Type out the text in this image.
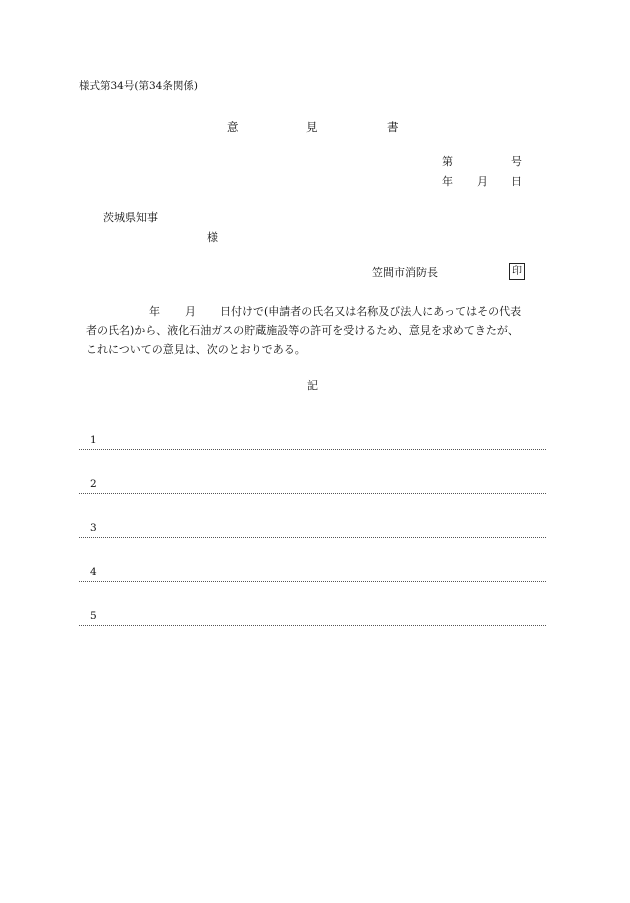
様式第34号(第34条関係)
意	見	書
第	号
年 月 日
茨城県知事
様
笠間市消防長	印
年 月 日付けで(申請者の氏名又は名称及び法人にあってはその代表
者の氏名)から、液化石油ガスの貯蔵施設等の許可を受けるため、意見を求めてきたが、
これについての意見は、次のとおりである。
記
1
2
3
4
5
